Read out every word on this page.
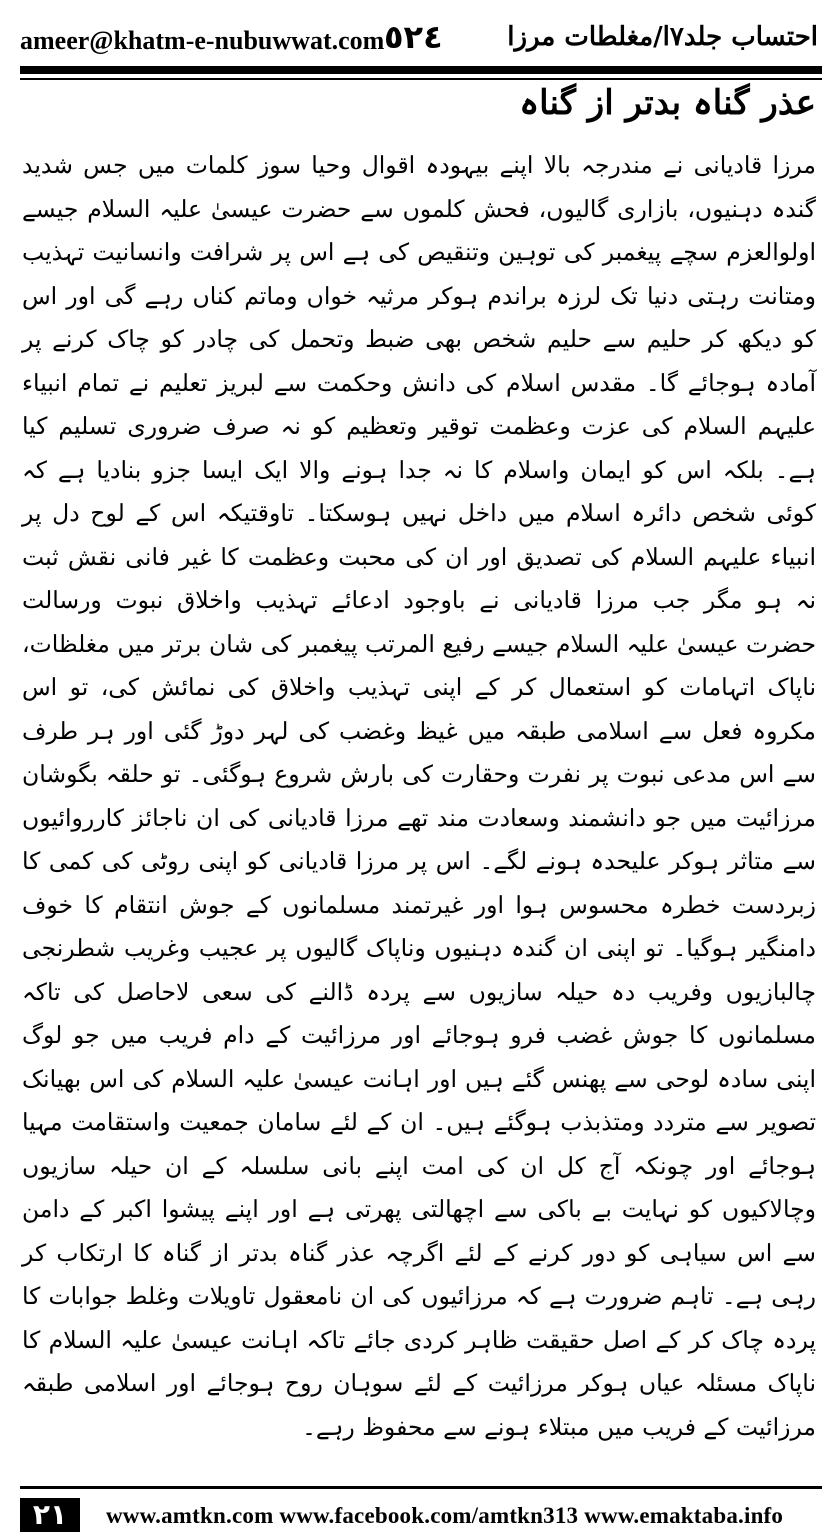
ameer@khatm-e-nubuwwat.com ٥٢٤ احتساب جلد۷ا/مغلطات مرزا
عذر گناہ بدتر از گناہ
مرزا قادیانی نے مندرجہ بالا اپنے بیہودہ اقوال وحیا سوز کلمات میں جس شدید گندہ دہنیوں، بازاری گالیوں، فحش کلموں سے حضرت عیسیٰ علیہ السلام جیسے اولوالعزم سچے پیغمبر کی توہین وتنقیص کی ہے اس پر شرافت وانسانیت تہذیب ومتانت رہتی دنیا تک لرزہ براندم ہوکر مرثیہ خواں وماتم کناں رہے گی اور اس کو دیکھ کر حلیم سے حلیم شخص بھی ضبط وتحمل کی چادر کو چاک کرنے پر آمادہ ہوجائے گا۔ مقدس اسلام کی دانش وحکمت سے لبریز تعلیم نے تمام انبیاء علیہم السلام کی عزت وعظمت توقیر وتعظیم کو نہ صرف ضروری تسلیم کیا ہے۔ بلکہ اس کو ایمان واسلام کا نہ جدا ہونے والا ایک ایسا جزو بنادیا ہے کہ کوئی شخص دائرہ اسلام میں داخل نہیں ہوسکتا۔ تاوقتیکہ اس کے لوح دل پر انبیاء علیہم السلام کی تصدیق اور ان کی محبت وعظمت کا غیر فانی نقش ثبت نہ ہو مگر جب مرزا قادیانی نے باوجود ادعائے تہذیب واخلاق نبوت ورسالت حضرت عیسیٰ علیہ السلام جیسے رفیع المرتب پیغمبر کی شان برتر میں مغلظات، ناپاک اتہامات کو استعمال کر کے اپنی تہذیب واخلاق کی نمائش کی، تو اس مکروہ فعل سے اسلامی طبقہ میں غیظ وغضب کی لہر دوڑ گئی اور ہر طرف سے اس مدعی نبوت پر نفرت وحقارت کی بارش شروع ہوگئی۔ تو حلقہ بگوشان مرزائیت میں جو دانشمند وسعادت مند تھے مرزا قادیانی کی ان ناجائز کارروائیوں سے متاثر ہوکر علیحدہ ہونے لگے۔ اس پر مرزا قادیانی کو اپنی روٹی کی کمی کا زبردست خطرہ محسوس ہوا اور غیرتمند مسلمانوں کے جوش انتقام کا خوف دامنگیر ہوگیا۔ تو اپنی ان گندہ دہنیوں وناپاک گالیوں پر عجیب وغریب شطرنجی چالبازیوں وفریب دہ حیلہ سازیوں سے پردہ ڈالنے کی سعی لاحاصل کی تاکہ مسلمانوں کا جوش غضب فرو ہوجائے اور مرزائیت کے دام فریب میں جو لوگ اپنی سادہ لوحی سے پھنس گئے ہیں اور اہانت عیسیٰ علیہ السلام کی اس بھیانک تصویر سے متردد ومتذبذب ہوگئے ہیں۔ ان کے لئے سامان جمعیت واستقامت مہیا ہوجائے اور چونکہ آج کل ان کی امت اپنے بانی سلسلہ کے ان حیلہ سازیوں وچالاکیوں کو نہایت بے باکی سے اچھالتی پھرتی ہے اور اپنے پیشوا اکبر کے دامن سے اس سیاہی کو دور کرنے کے لئے اگرچہ عذر گناہ بدتر از گناہ کا ارتکاب کر رہی ہے۔ تاہم ضرورت ہے کہ مرزائیوں کی ان نامعقول تاویلات وغلط جوابات کا پردہ چاک کر کے اصل حقیقت ظاہر کردی جائے تاکہ اہانت عیسیٰ علیہ السلام کا ناپاک مسئلہ عیاں ہوکر مرزائیت کے لئے سوہان روح ہوجائے اور اسلامی طبقہ مرزائیت کے فریب میں مبتلاء ہونے سے محفوظ رہے۔
۲۱	www.amtkn.com www.facebook.com/amtkn313 www.emaktaba.info
